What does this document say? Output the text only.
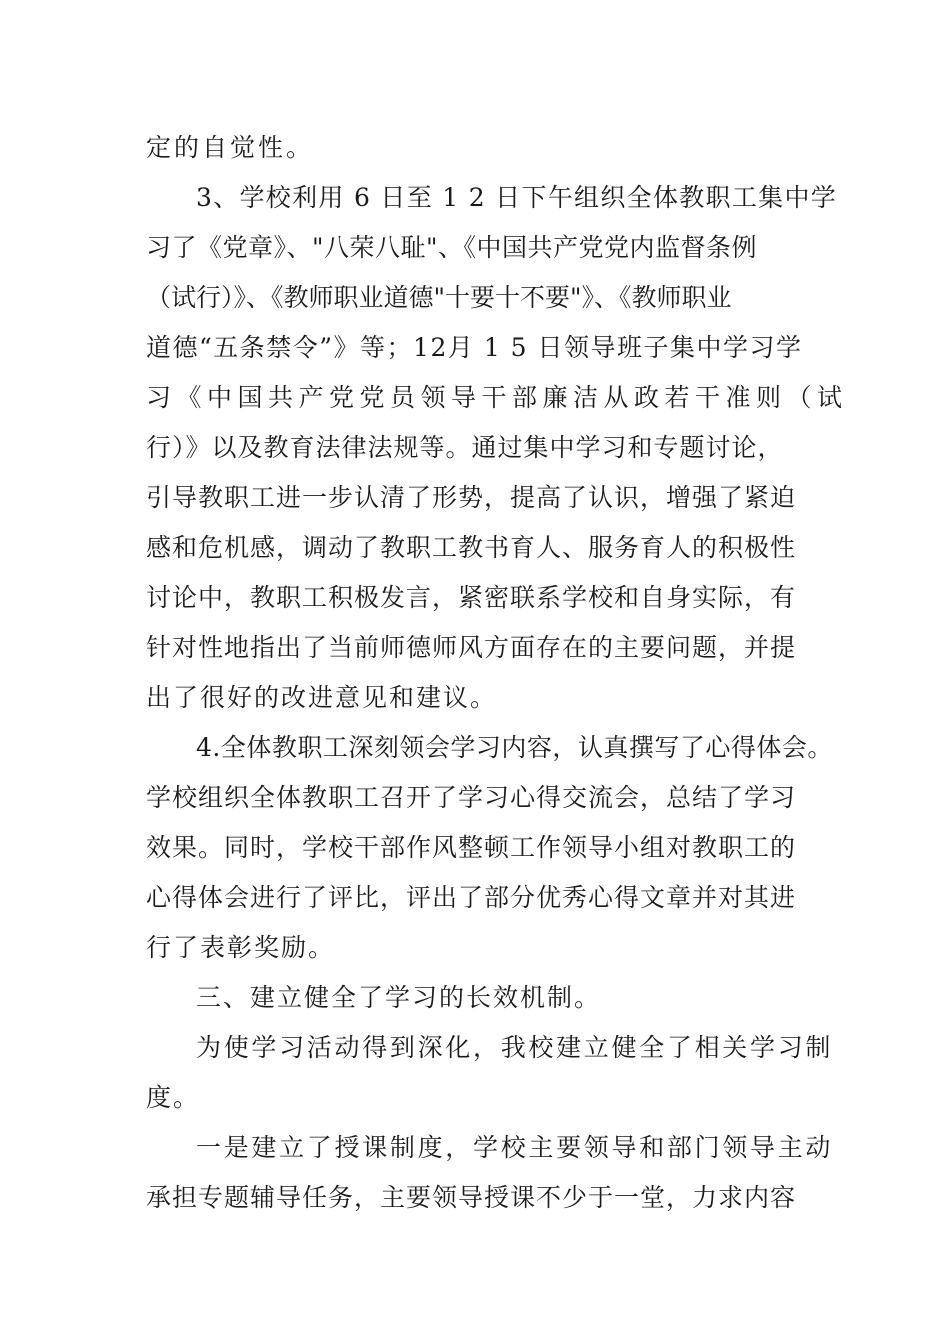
定的自觉性。
3、学校利用 6 日至 1 2 日下午组织全体教职工集中学
习了《党章》、"八荣八耻"、《中国共产党党内监督条例
（试行）》、《教师职业道德"十要十不要"》、《教师职业
道德“五条禁令”》等；12月 1 5 日领导班子集中学习学
习《中国共产党党员领导干部廉洁从政若干准则（试
行）》以及教育法律法规等。通过集中学习和专题讨论，
引导教职工进一步认清了形势，提高了认识，增强了紧迫
感和危机感，调动了教职工教书育人、服务育人的积极性
讨论中，教职工积极发言，紧密联系学校和自身实际，有
针对性地指出了当前师德师风方面存在的主要问题，并提
出了很好的改进意见和建议。
4.全体教职工深刻领会学习内容，认真撰写了心得体会。
学校组织全体教职工召开了学习心得交流会，总结了学习
效果。同时，学校干部作风整顿工作领导小组对教职工的
心得体会进行了评比，评出了部分优秀心得文章并对其进
行了表彰奖励。
三、建立健全了学习的长效机制。
为使学习活动得到深化，我校建立健全了相关学习制
度。
一是建立了授课制度，学校主要领导和部门领导主动
承担专题辅导任务，主要领导授课不少于一堂，力求内容
